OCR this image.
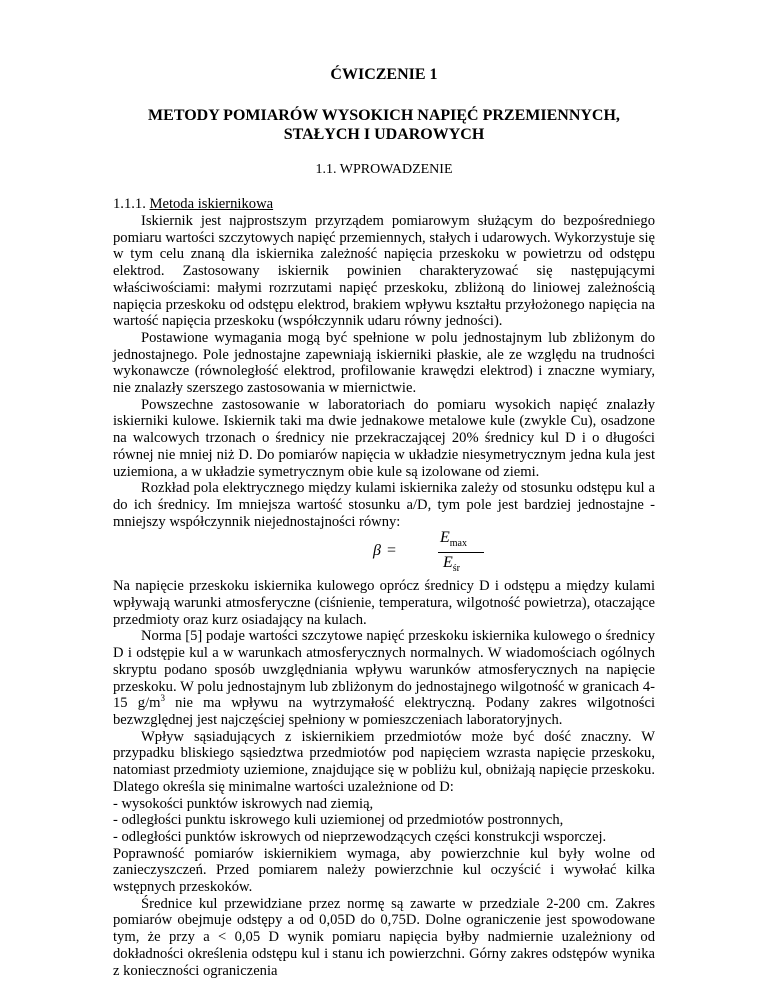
ĆWICZENIE 1
METODY POMIARÓW WYSOKICH NAPIĘĆ PRZEMIENNYCH,
STAŁYCH I UDAROWYCH
1.1. WPROWADZENIE
1.1.1. Metoda iskiernikowa

Iskiernik jest najprostszym przyrządem pomiarowym służącym do bezpośredniego pomiaru wartości szczytowych napięć przemiennych, stałych i udarowych. Wykorzystuje się w tym celu znaną dla iskiernika zależność napięcia przeskoku w powietrzu od odstępu elektrod. Zastosowany iskiernik powinien charakteryzować się następującymi właściwościami: małymi rozrzutami napięć przeskoku, zbliżoną do liniowej zależnością napięcia przeskoku od odstępu elektrod, brakiem wpływu kształtu przyłożonego napięcia na wartość napięcia przeskoku (współczynnik udaru równy jedności).

Postawione wymagania mogą być spełnione w polu jednostajnym lub zbliżonym do jednostajnego. Pole jednostajne zapewniają iskierniki płaskie, ale ze względu na trudności wykonawcze (równoległość elektrod, profilowanie krawędzi elektrod) i znaczne wymiary, nie znalazły szerszego zastosowania w miernictwie.

Powszechne zastosowanie w laboratoriach do pomiaru wysokich napięć znalazły iskierniki kulowe. Iskiernik taki ma dwie jednakowe metalowe kule (zwykle Cu), osadzone na walcowych trzonach o średnicy nie przekraczającej 20% średnicy kul D i o długości równej nie mniej niż D. Do pomiarów napięcia w układzie niesymetrycznym jedna kula jest uziemiona, a w układzie symetrycznym obie kule są izolowane od ziemi.

Rozkład pola elektrycznego między kulami iskiernika zależy od stosunku odstępu kul a do ich średnicy. Im mniejsza wartość stosunku a/D, tym pole jest bardziej jednostajne - mniejszy współczynnik niejednostajności równy:

β =
$E_{max}$
$E_{śr}$

Na napięcie przeskoku iskiernika kulowego oprócz średnicy D i odstępu a między kulami wpływają warunki atmosferyczne (ciśnienie, temperatura, wilgotność powietrza), otaczające przedmioty oraz kurz osiadający na kulach.

Norma [5] podaje wartości szczytowe napięć przeskoku iskiernika kulowego o średnicy D i odstępie kul a w warunkach atmosferycznych normalnych. W wiadomościach ogólnych skryptu podano sposób uwzględniania wpływu warunków atmosferycznych na napięcie przeskoku. W polu jednostajnym lub zbliżonym do jednostajnego wilgotność w granicach 4-15 $g/m^3$ nie ma wpływu na wytrzymałość elektryczną. Podany zakres wilgotności bezwzględnej jest najczęściej spełniony w pomieszczeniach laboratoryjnych.

Wpływ sąsiadujących z iskiernikiem przedmiotów może być dość znaczny. W przypadku bliskiego sąsiedztwa przedmiotów pod napięciem wzrasta napięcie przeskoku, natomiast przedmioty uziemione, znajdujące się w pobliżu kul, obniżają napięcie przeskoku. Dlatego określa się minimalne wartości uzależnione od D:

- wysokości punktów iskrowych nad ziemią,

- odległości punktu iskrowego kuli uziemionej od przedmiotów postronnych,

- odległości punktów iskrowych od nieprzewodzących części konstrukcji wsporczej.

Poprawność pomiarów iskiernikiem wymaga, aby powierzchnie kul były wolne od zanieczyszczeń. Przed pomiarem należy powierzchnie kul oczyścić i wywołać kilka wstępnych przeskoków.

Średnice kul przewidziane przez normę są zawarte w przedziale 2-200 cm. Zakres pomiarów obejmuje odstępy a od 0,05D do 0,75D. Dolne ograniczenie jest spowodowane tym, że przy a < 0,05 D wynik pomiaru napięcia byłby nadmiernie uzależniony od dokładności określenia odstępu kul i stanu ich powierzchni. Górny zakres odstępów wynika z konieczności ograniczenia
